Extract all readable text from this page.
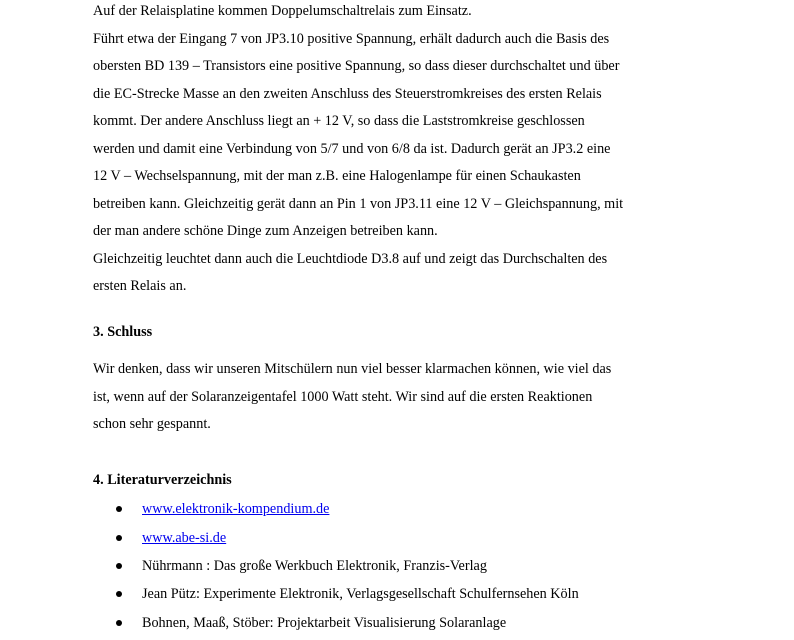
Auf der Relaisplatine kommen Doppelumschaltrelais zum Einsatz.
Führt etwa der Eingang 7 von JP3.10 positive Spannung, erhält dadurch auch die Basis des
obersten BD 139 – Transistors eine positive Spannung, so dass dieser durchschaltet und über
die EC-Strecke Masse an den zweiten Anschluss des Steuerstromkreises des ersten Relais
kommt. Der andere Anschluss liegt an + 12 V, so dass die Laststromkreise geschlossen
werden und damit eine Verbindung von 5/7 und von 6/8 da ist. Dadurch gerät an JP3.2 eine
12 V – Wechselspannung, mit der man z.B. eine Halogenlampe für einen Schaukasten
betreiben kann. Gleichzeitig gerät dann an Pin 1 von JP3.11 eine 12 V – Gleichspannung, mit
der man andere schöne Dinge zum Anzeigen betreiben kann.
Gleichzeitig leuchtet dann auch die Leuchtdiode D3.8 auf und zeigt das Durchschalten des
ersten Relais an.
3. Schluss
Wir denken, dass wir unseren Mitschülern nun viel besser klarmachen können, wie viel das
ist, wenn auf der Solaranzeigentafel 1000 Watt steht. Wir sind auf die ersten Reaktionen
schon sehr gespannt.
4. Literaturverzeichnis
www.elektronik-kompendium.de
www.abe-si.de
Nührmann : Das große Werkbuch Elektronik, Franzis-Verlag
Jean Pütz: Experimente Elektronik, Verlagsgesellschaft Schulfernsehen Köln
Bohnen, Maaß, Stöber: Projektarbeit Visualisierung Solaranlage
